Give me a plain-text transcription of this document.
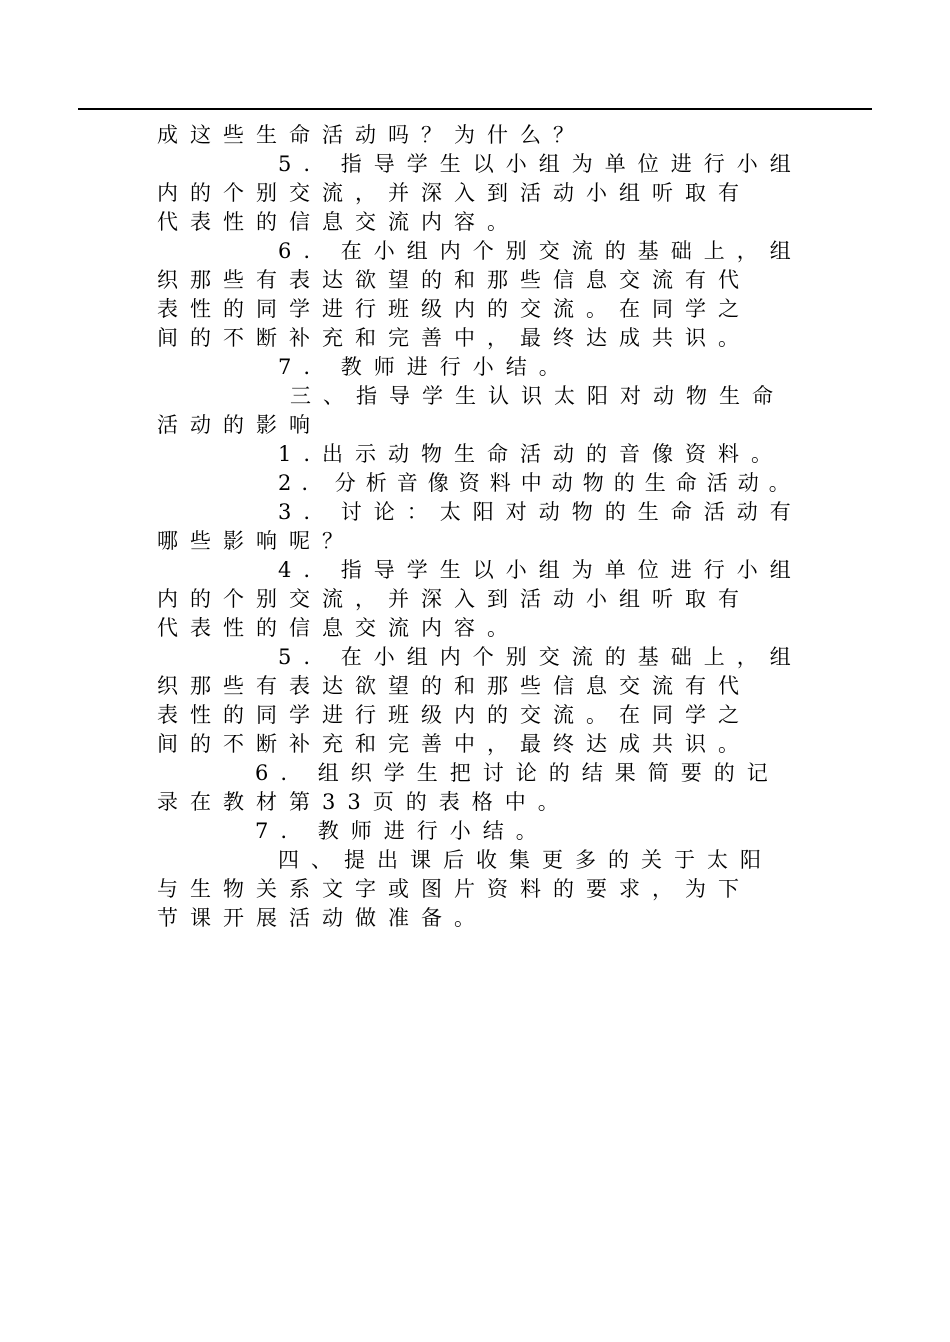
成这些生命活动吗？为什么？
5. 指导学生以小组为单位进行小组
内的个别交流，并深入到活动小组听取有
代表性的信息交流内容。
6. 在小组内个别交流的基础上，组
织那些有表达欲望的和那些信息交流有代
表性的同学进行班级内的交流。在同学之
间的不断补充和完善中，最终达成共识。
7. 教师进行小结。
三、指导学生认识太阳对动物生命
活动的影响
1.出示动物生命活动的音像资料。
2. 分析音像资料中动物的生命活动。
3. 讨论：太阳对动物的生命活动有
哪些影响呢？
4. 指导学生以小组为单位进行小组
内的个别交流，并深入到活动小组听取有
代表性的信息交流内容。
5. 在小组内个别交流的基础上，组
织那些有表达欲望的和那些信息交流有代
表性的同学进行班级内的交流。在同学之
间的不断补充和完善中，最终达成共识。
6. 组织学生把讨论的结果简要的记
录在教材第33页的表格中。
7. 教师进行小结。
四、提出课后收集更多的关于太阳
与生物关系文字或图片资料的要求，为下
节课开展活动做准备。
